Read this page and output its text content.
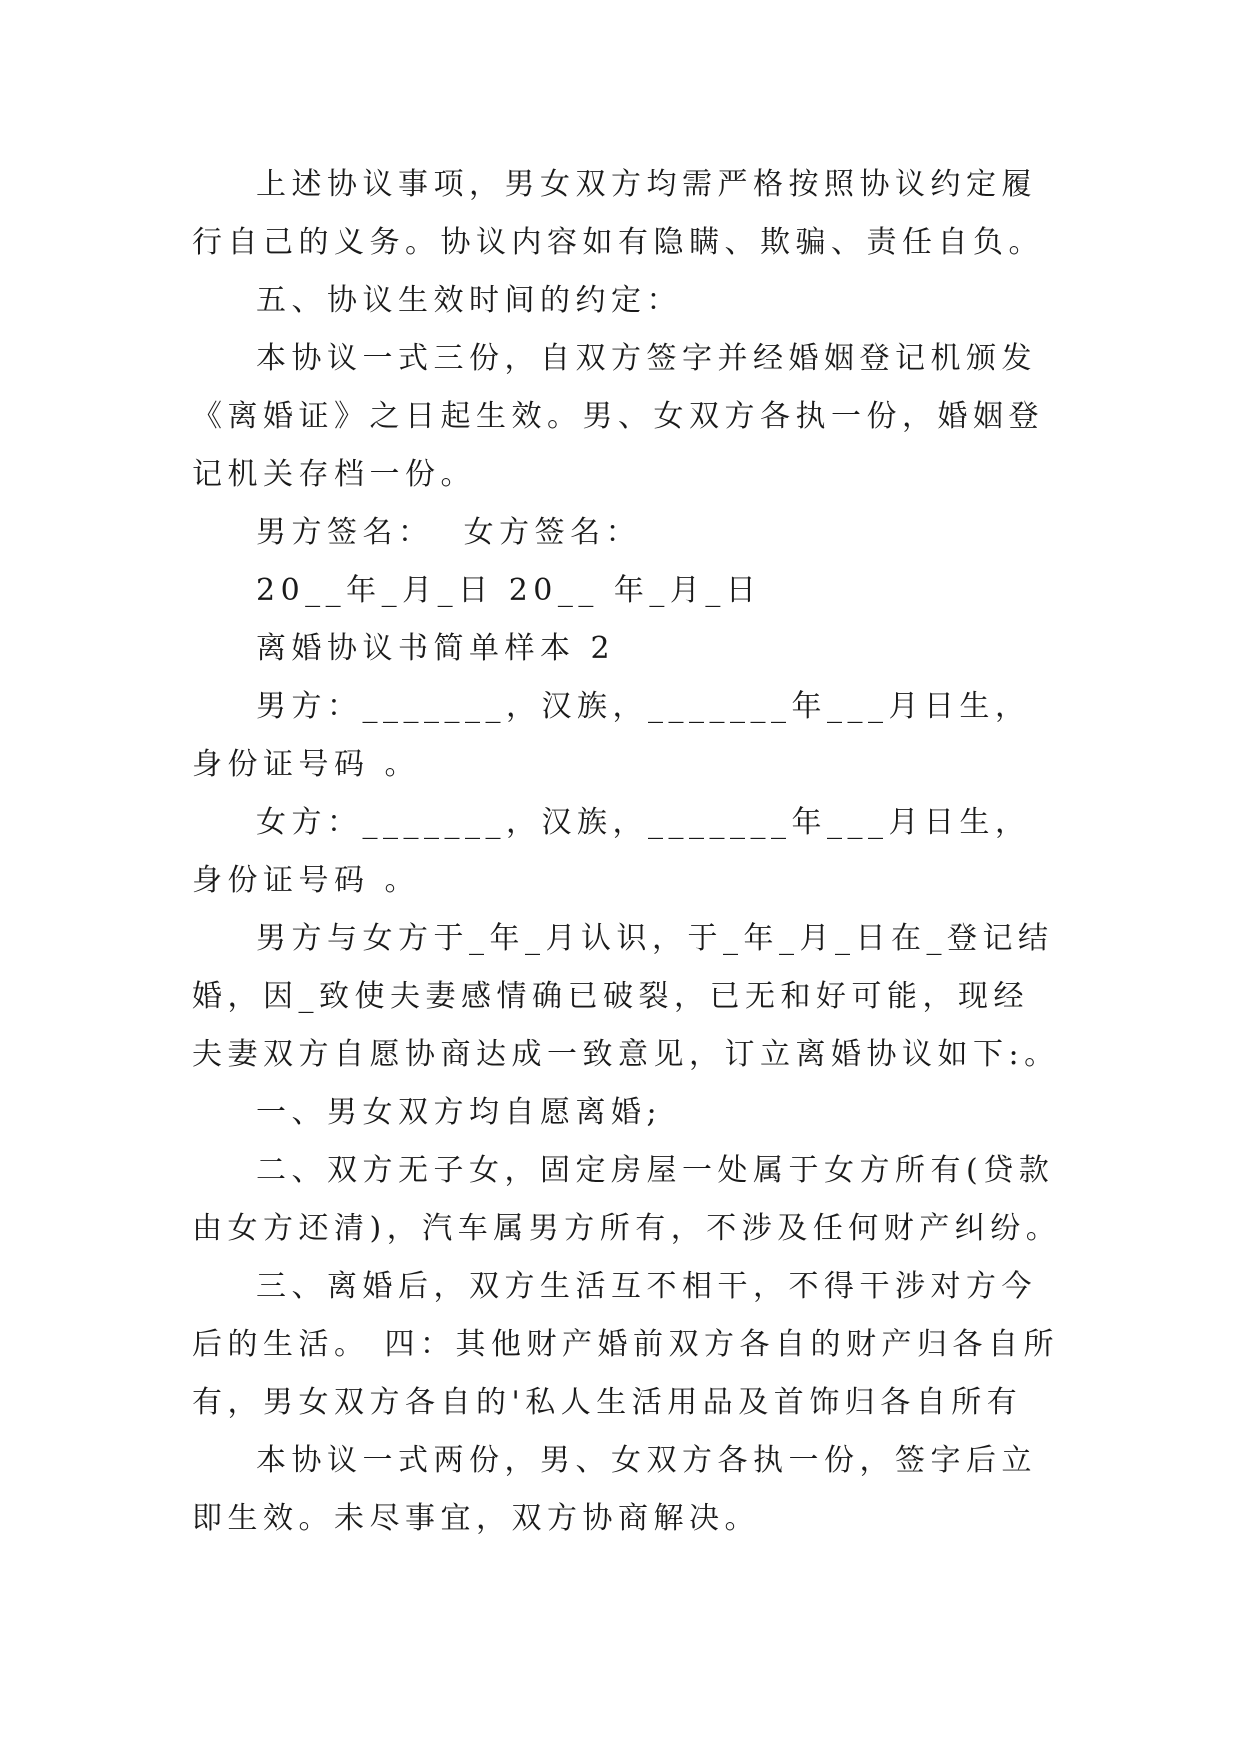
上述协议事项，男女双方均需严格按照协议约定履行自己的义务。协议内容如有隐瞒、欺骗、责任自负。

五、协议生效时间的约定：

本协议一式三份，自双方签字并经婚姻登记机颁发《离婚证》之日起生效。男、女双方各执一份，婚姻登记机关存档一份。

男方签名：  女方签名：

20__年_月_日 20__ 年_月_日

离婚协议书简单样本 2

男方：_______，汉族，_______年___月日生，身份证号码 。

女方：_______，汉族，_______年___月日生，身份证号码 。

男方与女方于_年_月认识，于_年_月_日在_登记结婚，因_致使夫妻感情确已破裂，已无和好可能，现经夫妻双方自愿协商达成一致意见，订立离婚协议如下:。

一、男女双方均自愿离婚;

二、双方无子女，固定房屋一处属于女方所有(贷款由女方还清)，汽车属男方所有，不涉及任何财产纠纷。

三、离婚后，双方生活互不相干，不得干涉对方今后的生活。 四：其他财产婚前双方各自的财产归各自所有，男女双方各自的'私人生活用品及首饰归各自所有

本协议一式两份，男、女双方各执一份，签字后立即生效。未尽事宜，双方协商解决。
